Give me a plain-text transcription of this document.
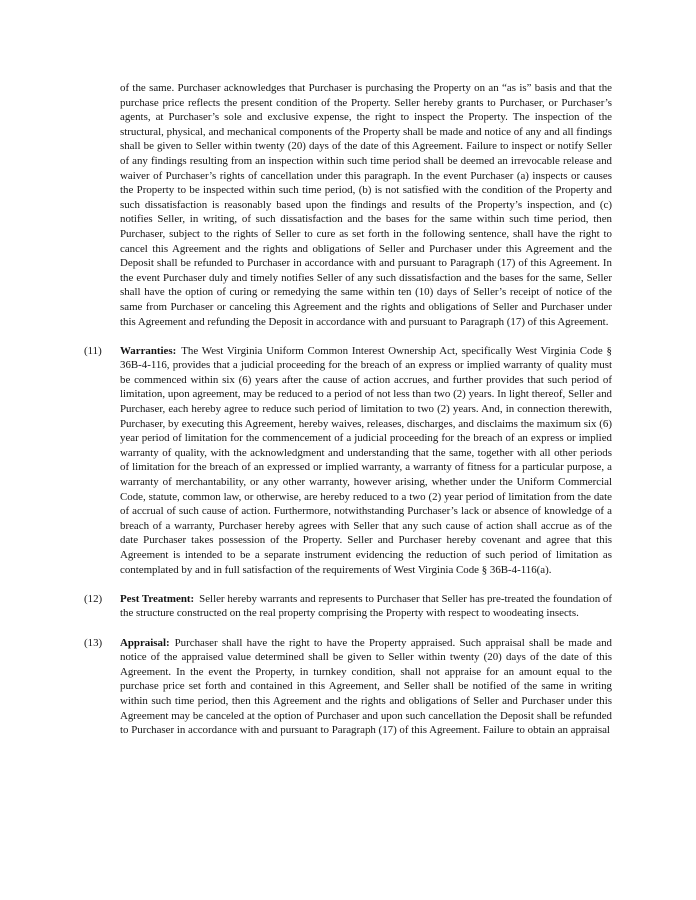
of the same. Purchaser acknowledges that Purchaser is purchasing the Property on an “as is” basis and that the purchase price reflects the present condition of the Property. Seller hereby grants to Purchaser, or Purchaser’s agents, at Purchaser’s sole and exclusive expense, the right to inspect the Property. The inspection of the structural, physical, and mechanical components of the Property shall be made and notice of any and all findings shall be given to Seller within twenty (20) days of the date of this Agreement. Failure to inspect or notify Seller of any findings resulting from an inspection within such time period shall be deemed an irrevocable release and waiver of Purchaser’s rights of cancellation under this paragraph. In the event Purchaser (a) inspects or causes the Property to be inspected within such time period, (b) is not satisfied with the condition of the Property and such dissatisfaction is reasonably based upon the findings and results of the Property’s inspection, and (c) notifies Seller, in writing, of such dissatisfaction and the bases for the same within such time period, then Purchaser, subject to the rights of Seller to cure as set forth in the following sentence, shall have the right to cancel this Agreement and the rights and obligations of Seller and Purchaser under this Agreement and the Deposit shall be refunded to Purchaser in accordance with and pursuant to Paragraph (17) of this Agreement. In the event Purchaser duly and timely notifies Seller of any such dissatisfaction and the bases for the same, Seller shall have the option of curing or remedying the same within ten (10) days of Seller’s receipt of notice of the same from Purchaser or canceling this Agreement and the rights and obligations of Seller and Purchaser under this Agreement and refunding the Deposit in accordance with and pursuant to Paragraph (17) of this Agreement.
(11)	Warranties: The West Virginia Uniform Common Interest Ownership Act, specifically West Virginia Code § 36B-4-116, provides that a judicial proceeding for the breach of an express or implied warranty of quality must be commenced within six (6) years after the cause of action accrues, and further provides that such period of limitation, upon agreement, may be reduced to a period of not less than two (2) years. In light thereof, Seller and Purchaser, each hereby agree to reduce such period of limitation to two (2) years. And, in connection therewith, Purchaser, by executing this Agreement, hereby waives, releases, discharges, and disclaims the maximum six (6) year period of limitation for the commencement of a judicial proceeding for the breach of an express or implied warranty of quality, with the acknowledgment and understanding that the same, together with all other periods of limitation for the breach of an expressed or implied warranty, a warranty of fitness for a particular purpose, a warranty of merchantability, or any other warranty, however arising, whether under the Uniform Commercial Code, statute, common law, or otherwise, are hereby reduced to a two (2) year period of limitation from the date of accrual of such cause of action. Furthermore, notwithstanding Purchaser’s lack or absence of knowledge of a breach of a warranty, Purchaser hereby agrees with Seller that any such cause of action shall accrue as of the date Purchaser takes possession of the Property. Seller and Purchaser hereby covenant and agree that this Agreement is intended to be a separate instrument evidencing the reduction of such period of limitation as contemplated by and in full satisfaction of the requirements of West Virginia Code § 36B-4-116(a).
(12)	Pest Treatment: Seller hereby warrants and represents to Purchaser that Seller has pre-treated the foundation of the structure constructed on the real property comprising the Property with respect to woodeating insects.
(13)	Appraisal: Purchaser shall have the right to have the Property appraised. Such appraisal shall be made and notice of the appraised value determined shall be given to Seller within twenty (20) days of the date of this Agreement. In the event the Property, in turnkey condition, shall not appraise for an amount equal to the purchase price set forth and contained in this Agreement, and Seller shall be notified of the same in writing within such time period, then this Agreement and the rights and obligations of Seller and Purchaser under this Agreement may be canceled at the option of Purchaser and upon such cancellation the Deposit shall be refunded to Purchaser in accordance with and pursuant to Paragraph (17) of this Agreement. Failure to obtain an appraisal
